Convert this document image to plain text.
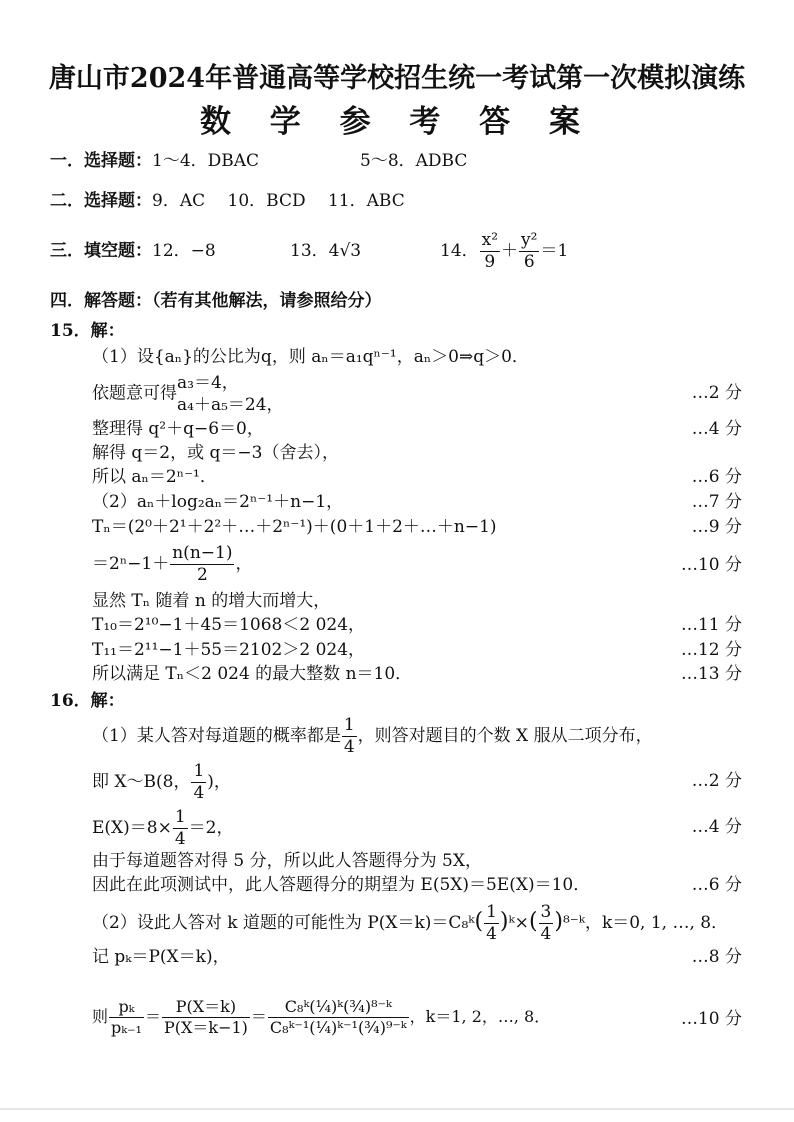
唐山市2024年普通高等学校招生统一考试第一次模拟演练
数 学 参 考 答 案
一．选择题：1～4．DBAC	5～8．ADBC
二．选择题：9．AC　 10．BCD　 11．ABC
三．填空题：12．−8	13．4√3	14． $\frac{\text{x²}}{9} + \frac{\text{y²}}{6} =1$
四．解答题：（若有其他解法，请参照给分）
15．解：
（1）设{aₙ}的公比为q，则 aₙ＝a₁qⁿ⁻¹，aₙ＞0⇒q＞0．
依题意可得
a₃＝4，
a₄＋a₅＝24，
…2 分
整理得 q²＋q−6＝0，	…4 分
解得 q＝2，或 q＝−3（舍去），
所以 aₙ＝2ⁿ⁻¹．	…6 分
（2）aₙ＋log₂aₙ＝2ⁿ⁻¹＋n−1，	…7 分
Tₙ＝(2⁰＋2¹＋2²＋…＋2ⁿ⁻¹)＋(0＋1＋2＋…＋n−1)	…9 分
$=2^n-1+ \frac{n(n-1)}{2}$ ，	…10 分
显然 Tₙ 随着 n 的增大而增大，
T₁₀＝2¹⁰−1＋45＝1068＜2 024，	…11 分
T₁₁＝2¹¹−1＋55＝2102＞2 024，	…12 分
所以满足 Tₙ＜2 024 的最大整数 n＝10．	…13 分
16．解：
（1）某人答对每道题的概率都是 $\frac{1}{4}$ ，则答对题目的个数 X 服从二项分布，
即 X～B(8， $\frac{1}{4}$ )，	…2 分
$E(X)=8\times \frac{1}{4} =2$，	…4 分
由于每道题答对得 5 分，所以此人答题得分为 5X，
因此在此项测试中，此人答题得分的期望为 E(5X)＝5E(X)＝10．	…6 分
（2）设此人答对 k 道题的可能性为 P(X＝k)＝C₈ᵏ( $\frac{1}{4}$ )ᵏ×( $\frac{3}{4}$ )⁸⁻ᵏ，k＝0, 1, …, 8．
记 pₖ＝P(X＝k)，	…8 分
则 $\frac{\text{pₖ}}{\text{pₖ₋₁}} = \frac{P(X=k)}{P(X=k-1)} = \frac{\text{C₈ᵏ(¹⁄₄)ᵏ(³⁄₄)⁸⁻ᵏ}}{\text{C₈ᵏ⁻¹(¹⁄₄)ᵏ⁻¹(³⁄₄)⁹⁻ᵏ}}$ ，k＝1, 2，…, 8．	…10 分
